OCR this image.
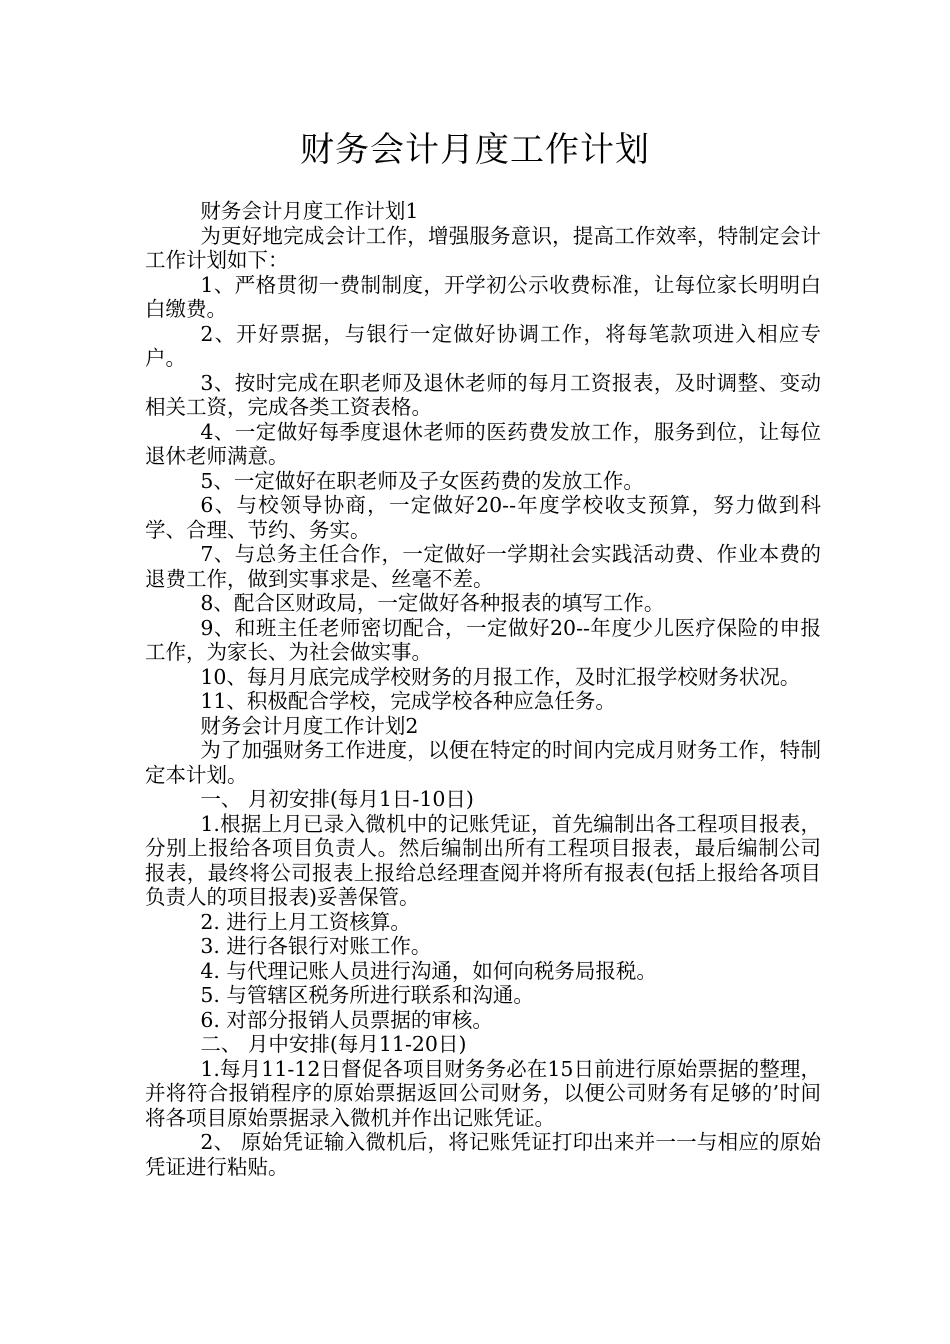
财务会计月度工作计划

财务会计月度工作计划1

为更好地完成会计工作，增强服务意识，提高工作效率，特制定会计工作计划如下：

1、严格贯彻一费制制度，开学初公示收费标准，让每位家长明明白白缴费。

2、开好票据，与银行一定做好协调工作，将每笔款项进入相应专户。

3、按时完成在职老师及退休老师的每月工资报表，及时调整、变动相关工资，完成各类工资表格。

4、一定做好每季度退休老师的医药费发放工作，服务到位，让每位退休老师满意。

5、一定做好在职老师及子女医药费的发放工作。

6、与校领导协商，一定做好20--年度学校收支预算，努力做到科学、合理、节约、务实。

7、与总务主任合作，一定做好一学期社会实践活动费、作业本费的退费工作，做到实事求是、丝毫不差。

8、配合区财政局，一定做好各种报表的填写工作。

9、和班主任老师密切配合，一定做好20--年度少儿医疗保险的申报工作，为家长、为社会做实事。

10、每月月底完成学校财务的月报工作，及时汇报学校财务状况。

11、积极配合学校，完成学校各种应急任务。

财务会计月度工作计划2

为了加强财务工作进度，以便在特定的时间内完成月财务工作，特制定本计划。

一、 月初安排(每月1日-10日)

1.根据上月已录入微机中的记账凭证，首先编制出各工程项目报表，分别上报给各项目负责人。然后编制出所有工程项目报表，最后编制公司报表，最终将公司报表上报给总经理查阅并将所有报表(包括上报给各项目负责人的项目报表)妥善保管。

2. 进行上月工资核算。

3. 进行各银行对账工作。

4. 与代理记账人员进行沟通，如何向税务局报税。

5. 与管辖区税务所进行联系和沟通。

6. 对部分报销人员票据的审核。

二、 月中安排(每月11-20日)

1.每月11-12日督促各项目财务务必在15日前进行原始票据的整理，并将符合报销程序的原始票据返回公司财务，以便公司财务有足够的’时间将各项目原始票据录入微机并作出记账凭证。

2、 原始凭证输入微机后，将记账凭证打印出来并一一与相应的原始凭证进行粘贴。
